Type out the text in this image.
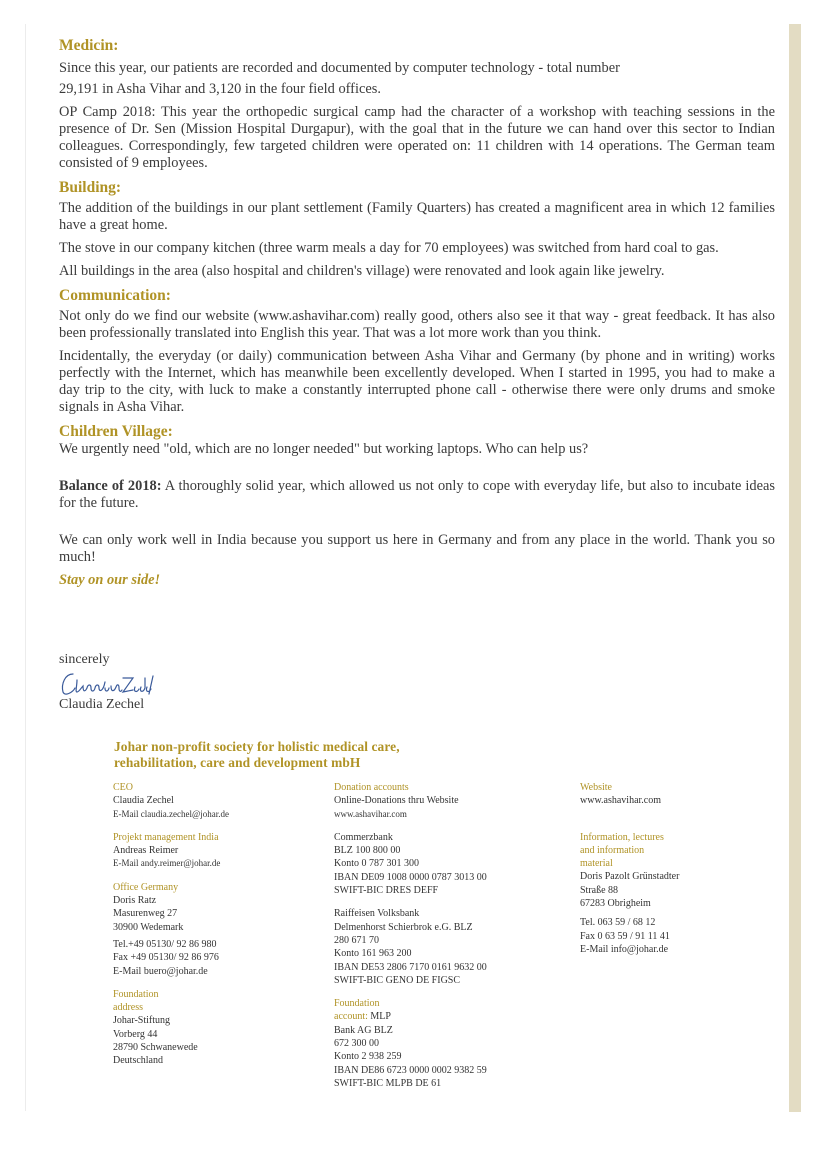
Medicin:
Since this year, our patients are recorded and documented by computer technology - total number
29,191 in Asha Vihar and 3,120 in the four field offices.
OP Camp 2018: This year the orthopedic surgical camp had the character of a workshop with teaching sessions in the presence of Dr. Sen (Mission Hospital Durgapur), with the goal that in the future we can hand over this sector to Indian colleagues. Correspondingly, few targeted children were operated on: 11 children with 14 operations. The German team consisted of 9 employees.
Building:
The addition of the buildings in our plant settlement (Family Quarters) has created a magnificent area in which 12 families have a great home.
The stove in our company kitchen (three warm meals a day for 70 employees) was switched from hard coal to gas.
All buildings in the area (also hospital and children's village) were renovated and look again like jewelry.
Communication:
Not only do we find our website (www.ashavihar.com) really good, others also see it that way - great feedback. It has also been professionally translated into English this year. That was a lot more work than you think.
Incidentally, the everyday (or daily) communication between Asha Vihar and Germany (by phone and in writing) works perfectly with the Internet, which has meanwhile been excellently developed. When I started in 1995, you had to make a day trip to the city, with luck to make a constantly interrupted phone call - otherwise there were only drums and smoke signals in Asha Vihar.
Children Village:
We urgently need "old, which are no longer needed" but working laptops. Who can help us?
Balance of 2018: A thoroughly solid year, which allowed us not only to cope with everyday life, but also to incubate ideas for the future.
We can only work well in India because you support us here in Germany and from any place in the world. Thank you so much!
Stay on our side!
sincerely
Claudia Zechel
Johar non-profit society for holistic medical care,
rehabilitation, care and development mbH
CEO
Claudia Zechel
E-Mail claudia.zechel@johar.de
Projekt management India
Andreas Reimer
E-Mail andy.reimer@johar.de
Office Germany
Doris Ratz
Masurenweg 27
30900 Wedemark
Tel.+49 05130/ 92 86 980
Fax +49 05130/ 92 86 976
E-Mail buero@johar.de
Foundation
address
Johar-Stiftung
Vorberg 44
28790 Schwanewede
Deutschland
Donation accounts
Online-Donations thru Website
www.ashavihar.com
Commerzbank
BLZ 100 800 00
Konto 0 787 301 300
IBAN DE09 1008 0000 0787 3013 00
SWIFT-BIC DRES DEFF
Raiffeisen Volksbank
Delmenhorst Schierbrok e.G. BLZ
280 671 70
Konto 161 963 200
IBAN DE53 2806 7170 0161 9632 00
SWIFT-BIC GENO DE FIGSC
Foundation
account: MLP
Bank AG BLZ
672 300 00
Konto 2 938 259
IBAN DE86 6723 0000 0002 9382 59
SWIFT-BIC MLPB DE 61
Website
www.ashavihar.com
Information, lectures
and information
material
Doris Pazolt Grünstadter
Straße 88
67283 Obrigheim
Tel. 063 59 / 68 12
Fax 0 63 59 / 91 11 41
E-Mail info@johar.de
